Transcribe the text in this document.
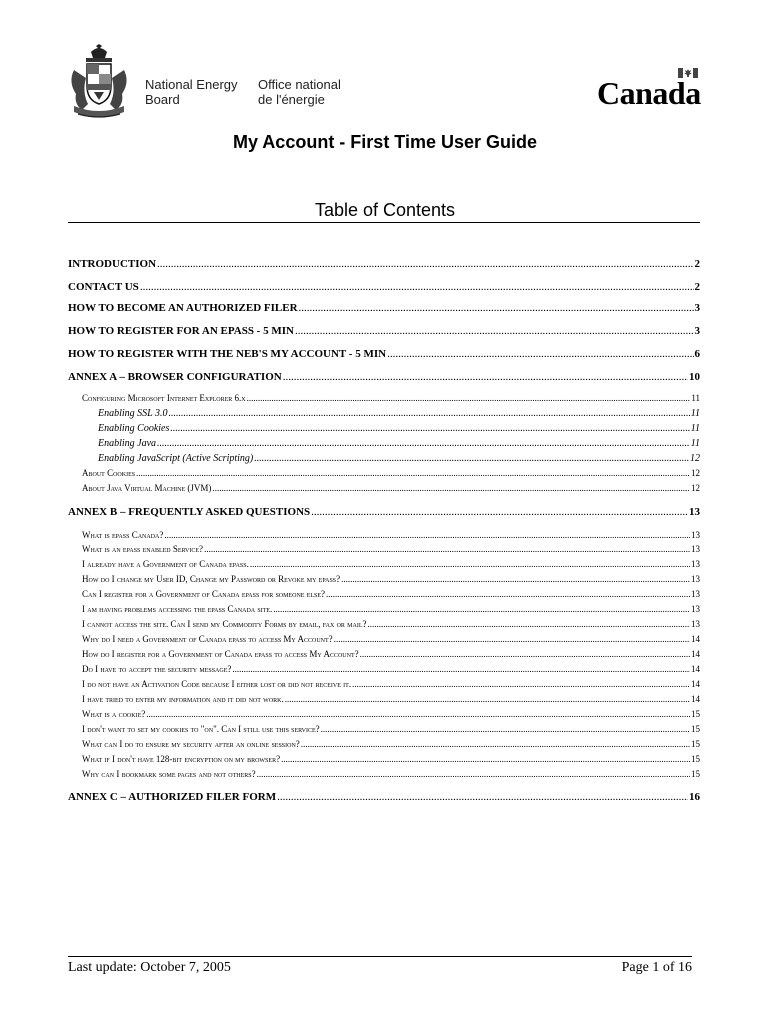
National Energy
Board
Office national
de l'énergie	Canada
My Account - First Time User Guide
Table of Contents
INTRODUCTION .....	2
CONTACT US .....	2
HOW TO BECOME AN AUTHORIZED FILER .....	3
HOW TO REGISTER FOR AN EPASS - 5 MIN .....	3
HOW TO REGISTER WITH THE NEB'S MY ACCOUNT - 5 MIN .....	6
ANNEX A – BROWSER CONFIGURATION .....	10
Configuring Microsoft Internet Explorer 6.x .....	11
Enabling SSL 3.0 .....	11
Enabling Cookies .....	11
Enabling Java .....	11
Enabling JavaScript (Active Scripting) .....	12
About Cookies .....	12
About Java Virtual Machine (JVM) .....	12
ANNEX B – FREQUENTLY ASKED QUESTIONS .....	13
What is epass Canada? .....	13
What is an epass enabled Service? .....	13
I already have a Government of Canada epass. .....	13
How do I change my User ID, Change my Password or Revoke my epass? .....	13
Can I register for a Government of Canada epass for someone else? .....	13
I am having problems accessing the epass Canada site. .....	13
I cannot access the site. Can I send my Commodity Forms by email, fax or mail? .....	13
Why do I need a Government of Canada epass to access My Account? .....	14
How do I register for a Government of Canada epass to access My Account? .....	14
Do I have to accept the security message? .....	14
I do not have an Activation Code because I either lost or did not receive it. .....	14
I have tried to enter my information and it did not work. .....	14
What is a cookie? .....	15
I don't want to set my cookies to "on". Can I still use this service? .....	15
What can I do to ensure my security after an online session? .....	15
What if I don't have 128-bit encryption on my browser? .....	15
Why can I bookmark some pages and not others? .....	15
ANNEX C – AUTHORIZED FILER FORM .....	16
Last update: October 7, 2005	Page 1 of 16
